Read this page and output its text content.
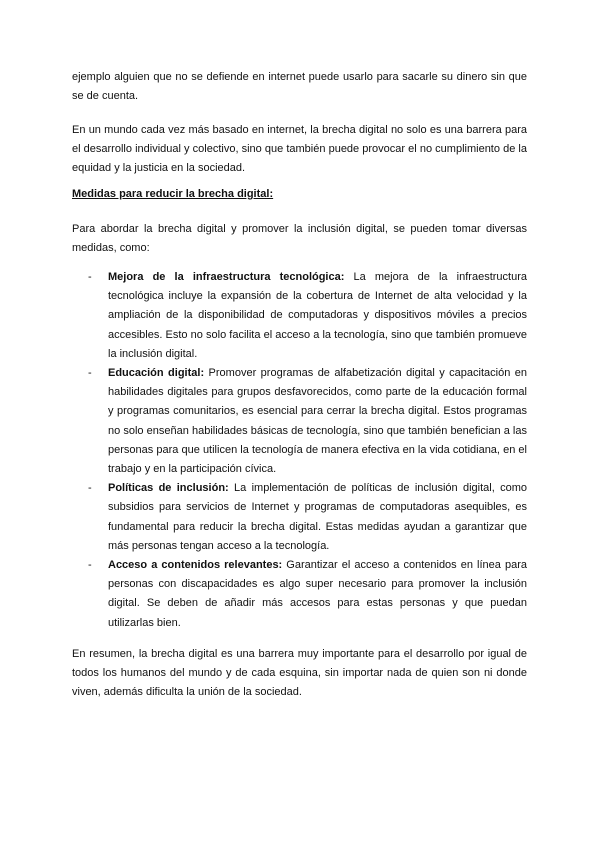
ejemplo alguien que no se defiende en internet puede usarlo para sacarle su dinero sin que se de cuenta.

En un mundo cada vez más basado en internet, la brecha digital no solo es una barrera para el desarrollo individual y colectivo, sino que también puede provocar el no cumplimiento de la equidad y la justicia en la sociedad.

Medidas para reducir la brecha digital:

Para abordar la brecha digital y promover la inclusión digital, se pueden tomar diversas medidas, como:

- Mejora de la infraestructura tecnológica: La mejora de la infraestructura tecnológica incluye la expansión de la cobertura de Internet de alta velocidad y la ampliación de la disponibilidad de computadoras y dispositivos móviles a precios accesibles. Esto no solo facilita el acceso a la tecnología, sino que también promueve la inclusión digital.
- Educación digital: Promover programas de alfabetización digital y capacitación en habilidades digitales para grupos desfavorecidos, como parte de la educación formal y programas comunitarios, es esencial para cerrar la brecha digital. Estos programas no solo enseñan habilidades básicas de tecnología, sino que también benefician a las personas para que utilicen la tecnología de manera efectiva en la vida cotidiana, en el trabajo y en la participación cívica.
- Políticas de inclusión: La implementación de políticas de inclusión digital, como subsidios para servicios de Internet y programas de computadoras asequibles, es fundamental para reducir la brecha digital. Estas medidas ayudan a garantizar que más personas tengan acceso a la tecnología.
- Acceso a contenidos relevantes: Garantizar el acceso a contenidos en línea para personas con discapacidades es algo super necesario para promover la inclusión digital. Se deben de añadir más accesos para estas personas y que puedan utilizarlas bien.

En resumen, la brecha digital es una barrera muy importante para el desarrollo por igual de todos los humanos del mundo y de cada esquina, sin importar nada de quien son ni donde viven, además dificulta la unión de la sociedad.
